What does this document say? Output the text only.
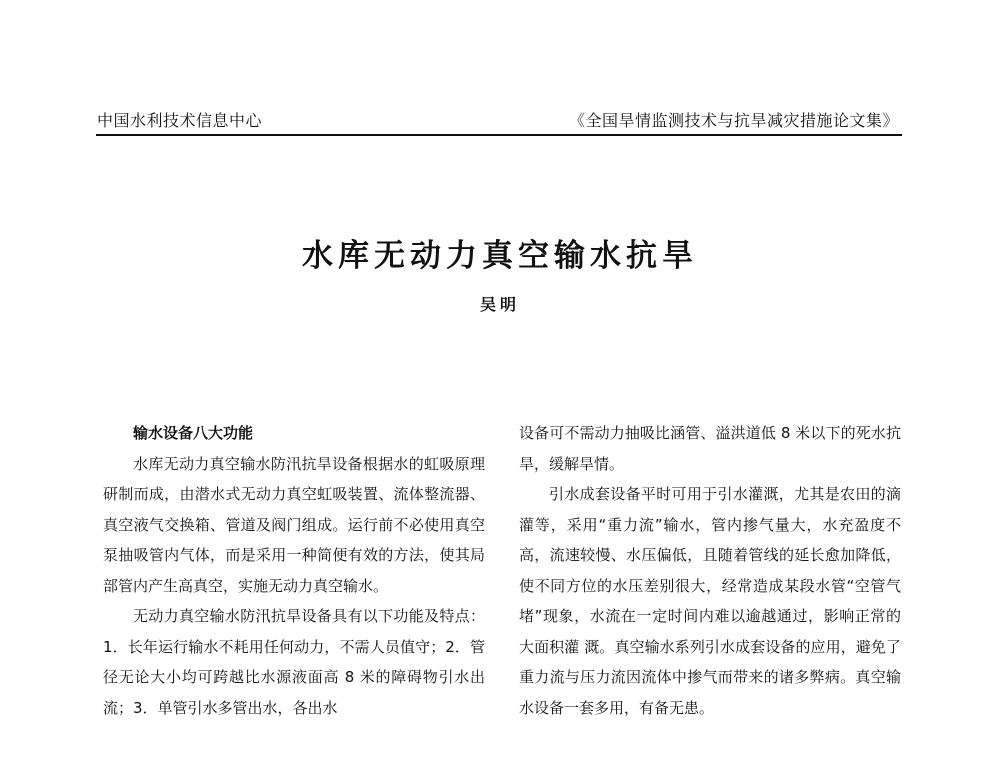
中国水利技术信息中心	《全国旱情监测技术与抗旱减灾措施论文集》
水库无动力真空输水抗旱
吴明

输水设备八大功能

水库无动力真空输水防汛抗旱设备根据水的虹吸原理研制而成，由潜水式无动力真空虹吸装置、流体整流器、真空液气交换箱、管道及阀门组成。运行前不必使用真空泵抽吸管内气体，而是采用一种简便有效的方法，使其局部管内产生高真空，实施无动力真空输水。

无动力真空输水防汛抗旱设备具有以下功能及特点：1．长年运行输水不耗用任何动力，不需人员值守；2．管径无论大小均可跨越比水源液面高 8 米的障碍物引水出流；3．单管引水多管出水，各出水

设备可不需动力抽吸比涵管、溢洪道低 8 米以下的死水抗旱，缓解旱情。

引水成套设备平时可用于引水灌溉，尤其是农田的滴灌等，采用“重力流”输水，管内掺气量大，水充盈度不高，流速较慢、水压偏低，且随着管线的延长愈加降低，使不同方位的水压差别很大，经常造成某段水管“空管气堵”现象，水流在一定时间内难以逾越通过，影响正常的大面积灌 溉。真空输水系列引水成套设备的应用，避免了重力流与压力流因流体中掺气而带来的诸多弊病。真空输水设备一套多用，有备无患。
